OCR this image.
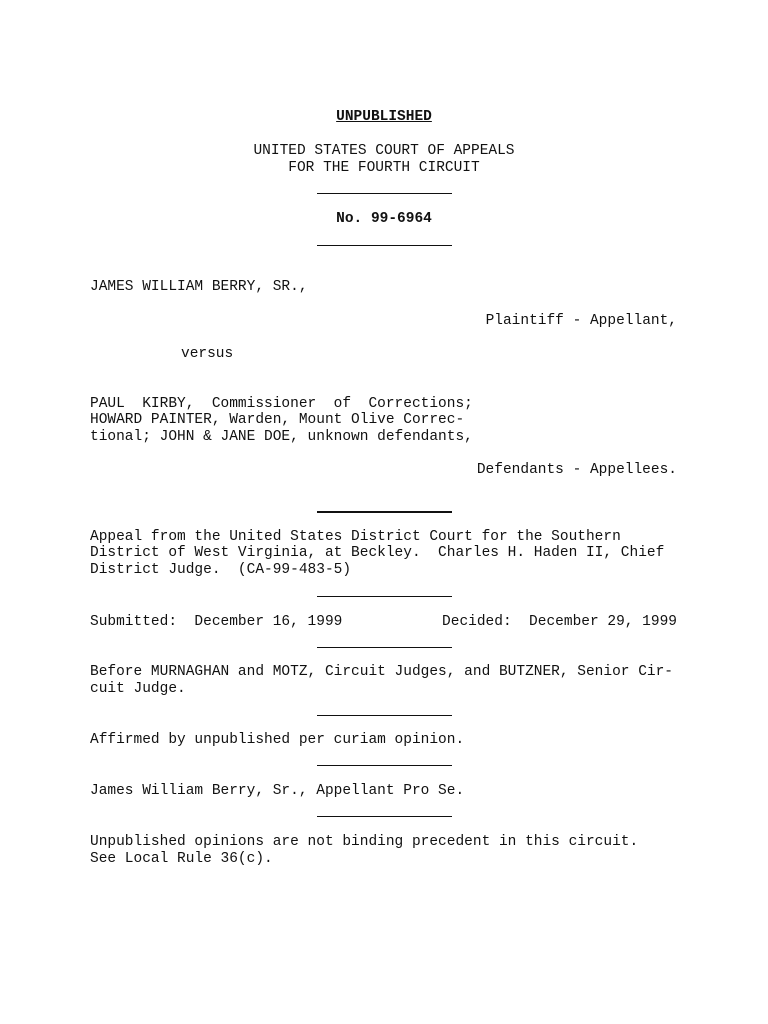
UNPUBLISHED
UNITED STATES COURT OF APPEALS
FOR THE FOURTH CIRCUIT
No. 99-6964
JAMES WILLIAM BERRY, SR.,
Plaintiff - Appellant,
versus
PAUL  KIRBY,  Commissioner  of  Corrections;
HOWARD PAINTER, Warden, Mount Olive Correc-
tional; JOHN & JANE DOE, unknown defendants,
Defendants - Appellees.
Appeal from the United States District Court for the Southern
District of West Virginia, at Beckley.  Charles H. Haden II, Chief
District Judge.  (CA-99-483-5)
Submitted:  December 16, 1999	Decided:  December 29, 1999
Before MURNAGHAN and MOTZ, Circuit Judges, and BUTZNER, Senior Cir-
cuit Judge.
Affirmed by unpublished per curiam opinion.
James William Berry, Sr., Appellant Pro Se.
Unpublished opinions are not binding precedent in this circuit.
See Local Rule 36(c).
